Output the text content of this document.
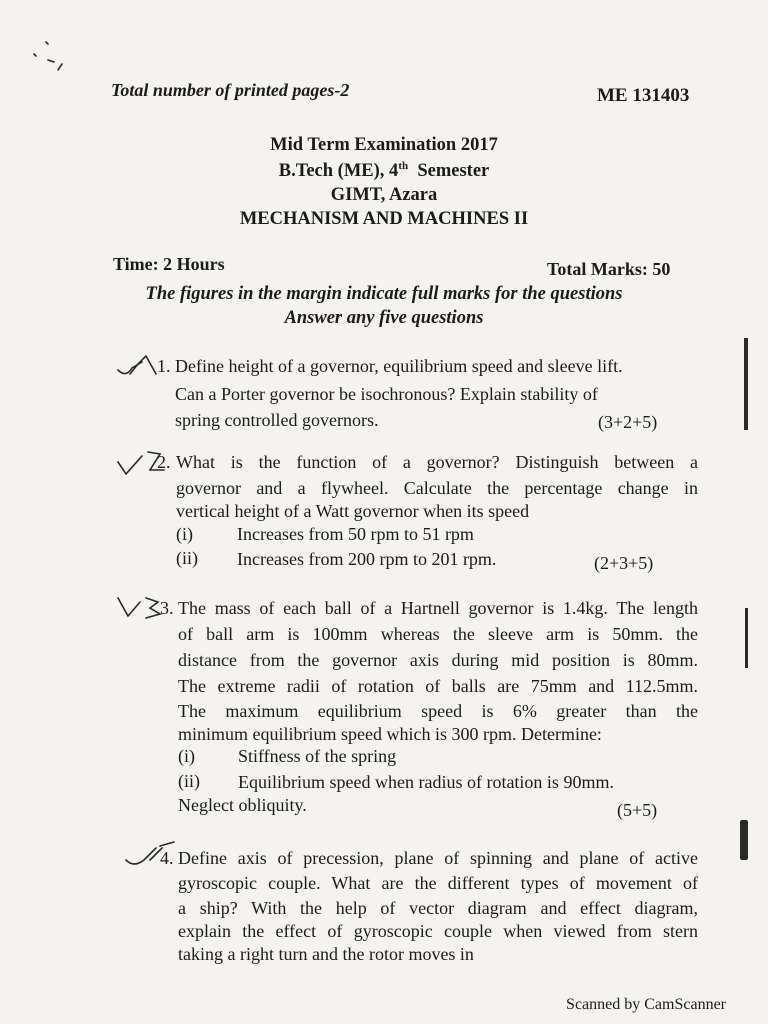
Total number of printed pages-2	ME 131403
Mid Term Examination 2017
B.Tech (ME), 4th Semester
GIMT, Azara
MECHANISM AND MACHINES II
Time: 2 Hours	Total Marks: 50
The figures in the margin indicate full marks for the questions
Answer any five questions
1. Define height of a governor, equilibrium speed and sleeve lift.
Can a Porter governor be isochronous? Explain stability of
spring controlled governors.	(3+2+5)
2. What is the function of a governor? Distinguish between a
governor and a flywheel. Calculate the percentage change in
vertical height of a Watt governor when its speed
(i) Increases from 50 rpm to 51 rpm
(ii) Increases from 200 rpm to 201 rpm.	(2+3+5)
3. The mass of each ball of a Hartnell governor is 1.4kg. The length
of ball arm is 100mm whereas the sleeve arm is 50mm. the
distance from the governor axis during mid position is 80mm.
The extreme radii of rotation of balls are 75mm and 112.5mm.
The maximum equilibrium speed is 6% greater than the
minimum equilibrium speed which is 300 rpm. Determine:
(i) Stiffness of the spring
(ii) Equilibrium speed when radius of rotation is 90mm.
Neglect obliquity.	(5+5)
4. Define axis of precession, plane of spinning and plane of active
gyroscopic couple. What are the different types of movement of
a ship? With the help of vector diagram and effect diagram,
explain the effect of gyroscopic couple when viewed from stern
taking a right turn and the rotor moves in
Scanned by CamScanner
